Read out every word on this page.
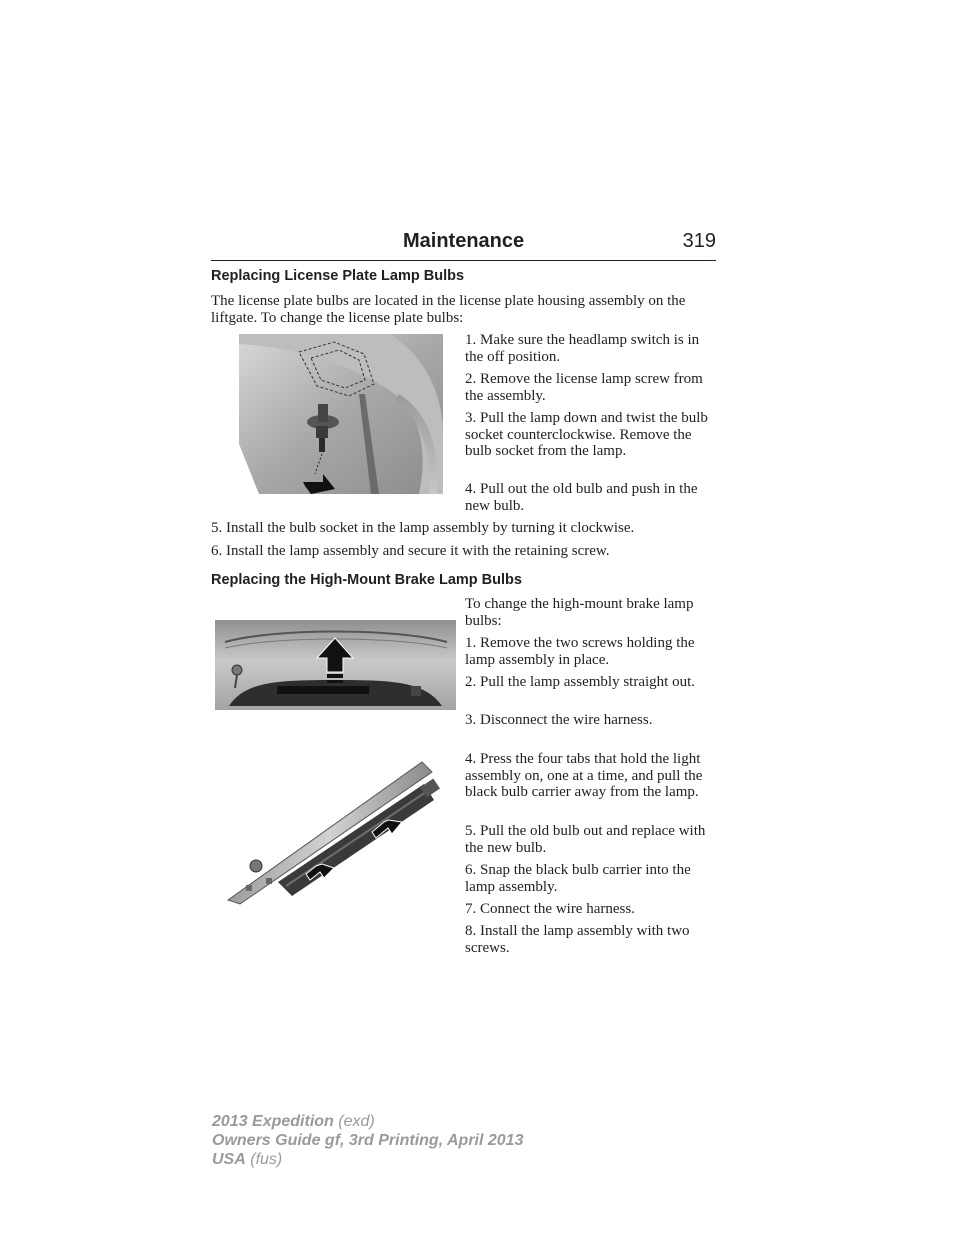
Maintenance	319
Replacing License Plate Lamp Bulbs
The license plate bulbs are located in the license plate housing assembly on the liftgate. To change the license plate bulbs:
1. Make sure the headlamp switch is in the off position.
2. Remove the license lamp screw from the assembly.
3. Pull the lamp down and twist the bulb socket counterclockwise. Remove the bulb socket from the lamp.
4. Pull out the old bulb and push in the new bulb.
5. Install the bulb socket in the lamp assembly by turning it clockwise.
6. Install the lamp assembly and secure it with the retaining screw.
Replacing the High-Mount Brake Lamp Bulbs
To change the high-mount brake lamp bulbs:
1. Remove the two screws holding the lamp assembly in place.
2. Pull the lamp assembly straight out.
3. Disconnect the wire harness.
4. Press the four tabs that hold the light assembly on, one at a time, and pull the black bulb carrier away from the lamp.
5. Pull the old bulb out and replace with the new bulb.
6. Snap the black bulb carrier into the lamp assembly.
7. Connect the wire harness.
8. Install the lamp assembly with two screws.
2013 Expedition (exd)
Owners Guide gf, 3rd Printing, April 2013
USA (fus)
